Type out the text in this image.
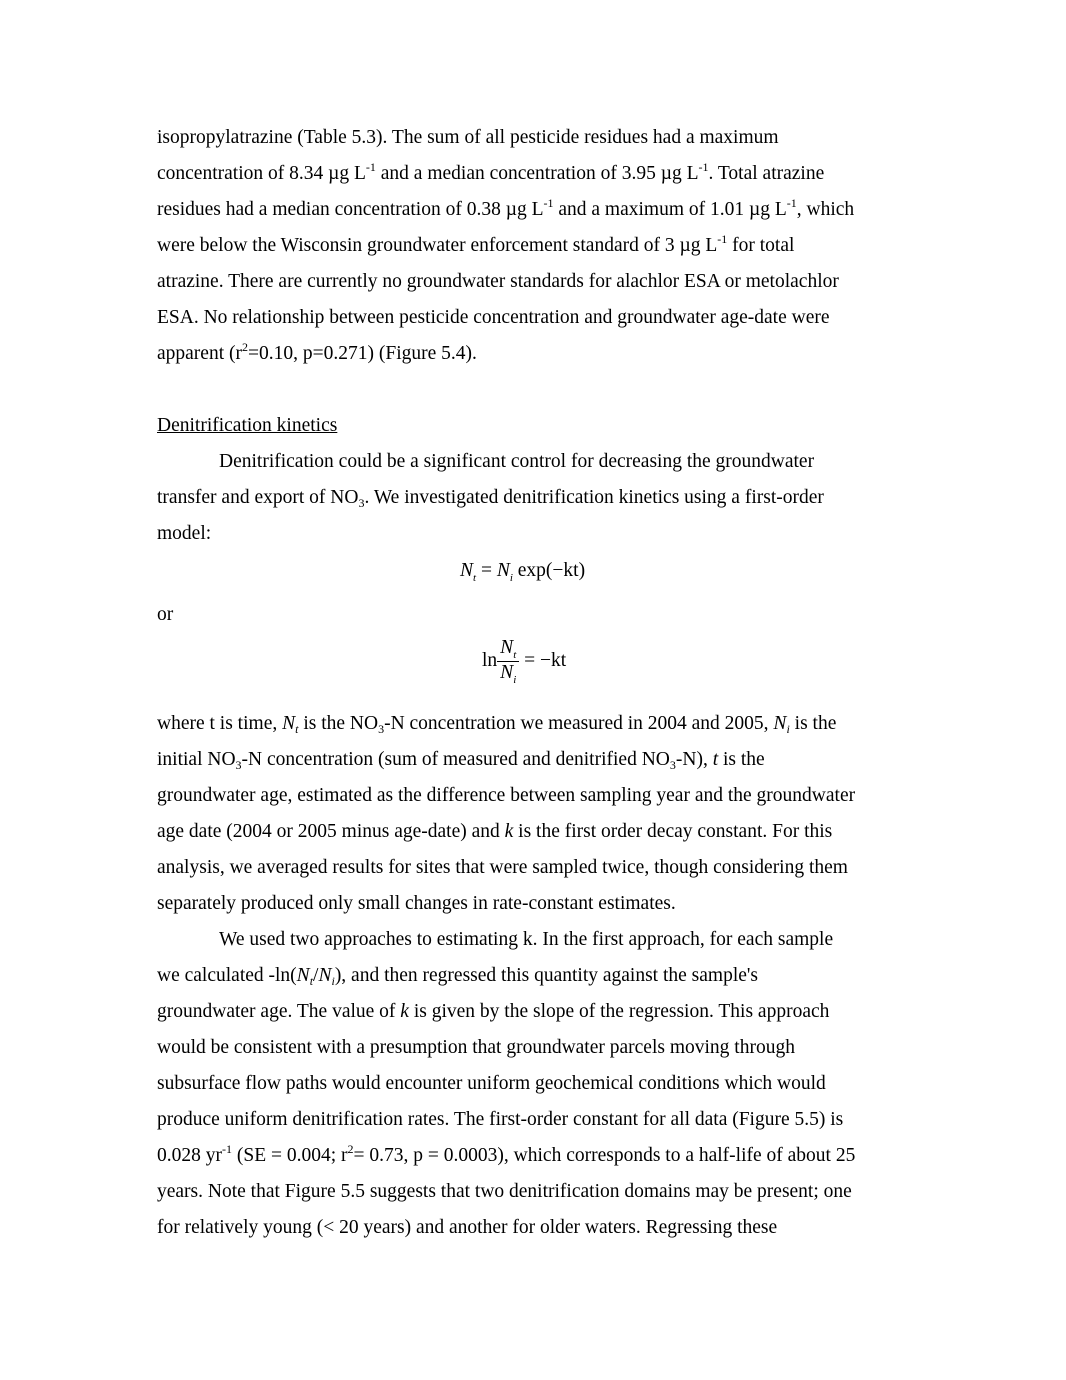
isopropylatrazine (Table 5.3). The sum of all pesticide residues had a maximum
concentration of 8.34 µg $L^{-1}$ and a median concentration of 3.95 µg $L^{-1}$. Total atrazine
residues had a median concentration of 0.38 µg $L^{-1}$ and a maximum of 1.01 µg $L^{-1}$, which
were below the Wisconsin groundwater enforcement standard of 3 µg $L^{-1}$ for total
atrazine. There are currently no groundwater standards for alachlor ESA or metolachlor
ESA. No relationship between pesticide concentration and groundwater age-date were
apparent ($r^2=0.10$, p=0.271) (Figure 5.4).
Denitrification kinetics
Denitrification could be a significant control for decreasing the groundwater
transfer and export of $NO_3$. We investigated denitrification kinetics using a first-order
model:
$N_t = N_i$ exp(−kt)
or
$\ln \frac{N_t}{N_i} = -kt$
where t is time, $N_t$ is the $NO_3-N$ concentration we measured in 2004 and 2005, $N_i$ is the
initial $NO_3-N$ concentration (sum of measured and denitrified $NO_3-N$), t is the
groundwater age, estimated as the difference between sampling year and the groundwater
age date (2004 or 2005 minus age-date) and k is the first order decay constant. For this
analysis, we averaged results for sites that were sampled twice, though considering them
separately produced only small changes in rate-constant estimates.
We used two approaches to estimating k. In the first approach, for each sample
we calculated $-\ln(N_t/N_i)$, and then regressed this quantity against the sample's
groundwater age. The value of k is given by the slope of the regression. This approach
would be consistent with a presumption that groundwater parcels moving through
subsurface flow paths would encounter uniform geochemical conditions which would
produce uniform denitrification rates. The first-order constant for all data (Figure 5.5) is
0.028 $yr^{-1}$ (SE = 0.004; $r^2= 0.73$, p = 0.0003), which corresponds to a half-life of about 25
years. Note that Figure 5.5 suggests that two denitrification domains may be present; one
for relatively young (< 20 years) and another for older waters. Regressing these
